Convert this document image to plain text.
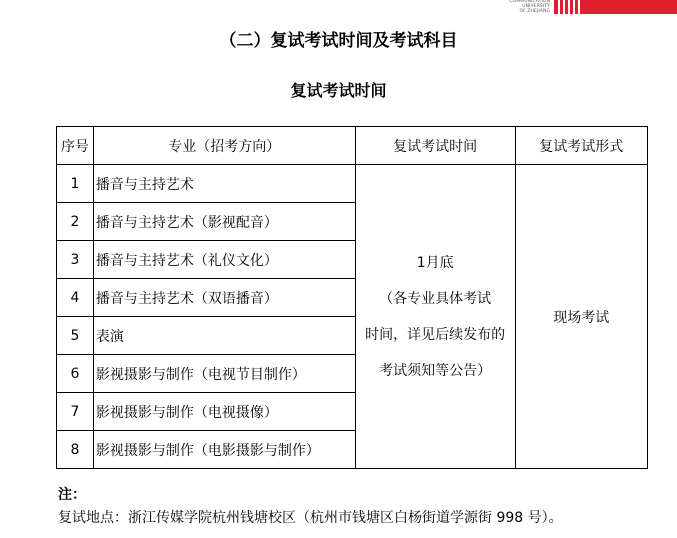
COMMUNICATION
UNIVERSITY
OF ZHEJIANG
（二）复试考试时间及考试科目
复试考试时间
序号	专业（招考方向）	复试考试时间	复试考试形式
1	播音与主持艺术	1月底
（各专业具体考试
时间，详见后续发布的
考试须知等公告）	现场考试
2	播音与主持艺术（影视配音）		
3	播音与主持艺术（礼仪文化）		
4	播音与主持艺术（双语播音）		
5	表演		
6	影视摄影与制作（电视节目制作）		
7	影视摄影与制作（电视摄像）		
8	影视摄影与制作（电影摄影与制作）		
注：
复试地点：浙江传媒学院杭州钱塘校区（杭州市钱塘区白杨街道学源街 998 号）。
